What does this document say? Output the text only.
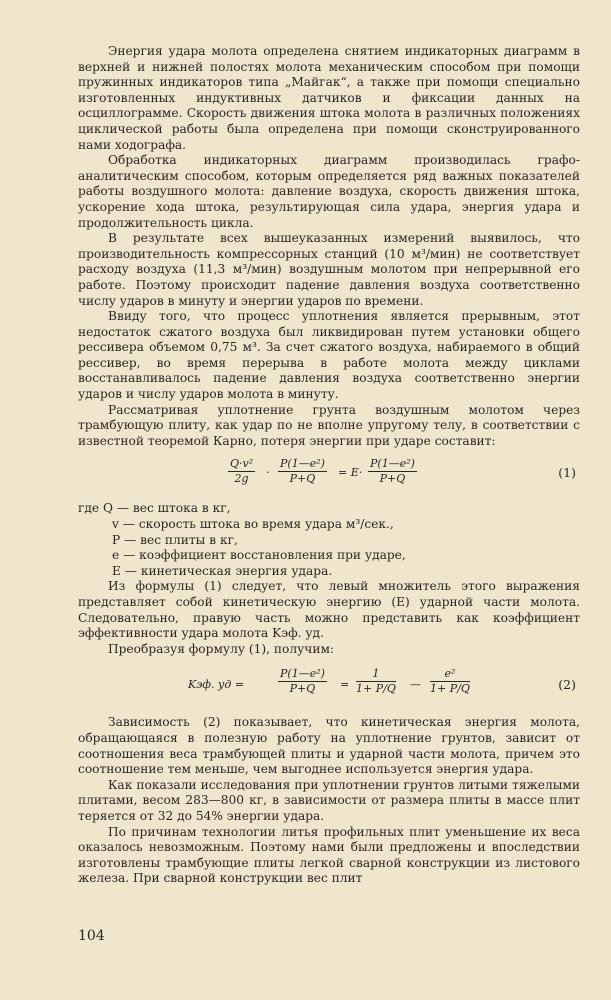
Энергия удара молота определена снятием индикаторных диаграмм в верхней и нижней полостях молота механическим способом при помощи пружинных индикаторов типа „Майгак“, а также при помощи специально изготовленных индуктивных датчиков и фиксации данных на осциллограмме. Скорость движения штока молота в различных положениях циклической работы была определена при помощи сконструированного нами ходографа.

Обработка индикаторных диаграмм производилась графо-аналитическим способом, которым определяется ряд важных показателей работы воздушного молота: давление воздуха, скорость движения штока, ускорение хода штока, результирующая сила удара, энергия удара и продолжительность цикла.

В результате всех вышеуказанных измерений выявилось, что производительность компрессорных станций (10 м³/мин) не соответствует расходу воздуха (11,3 м³/мин) воздушным молотом при непрерывной его работе. Поэтому происходит падение давления воздуха соответственно числу ударов в минуту и энергии ударов по времени.

Ввиду того, что процесс уплотнения является прерывным, этот недостаток сжатого воздуха был ликвидирован путем установки общего рессивера объемом 0,75 м³. За счет сжатого воздуха, набираемого в общий рессивер, во время перерыва в работе молота между циклами восстанавливалось падение давления воздуха соответственно энергии ударов и числу ударов молота в минуту.

Рассматривая уплотнение грунта воздушным молотом через трамбующую плиту, как удар по не вполне упругому телу, в соответствии с известной теоремой Карно, потеря энергии при ударе составит:

$\frac{\text{Q·v²}}{2g} \cdot \frac{\text{P(1—e²)}}{P+Q} = E\cdot \frac{\text{P(1—e²)}}{P+Q}$	(1)
где Q — вес штока в кг,
v — скорость штока во время удара м³/сек.,
P — вес плиты в кг,
e — коэффициент восстановления при ударе,
E — кинетическая энергия удара.

Из формулы (1) следует, что левый множитель этого выражения представляет собой кинетическую энергию (E) ударной части молота. Следовательно, правую часть можно представить как коэффициент эффективности удара молота Kэф. уд.

Преобразуя формулу (1), получим:

Kэф. уд =	$\frac{\text{P(1—e²)}}{P+Q} = \frac{1}{1+ P/Q}$ — $\frac{\text{e²}}{1+ P/Q}$	(2)

Зависимость (2) показывает, что кинетическая энергия молота, обращающаяся в полезную работу на уплотнение грунтов, зависит от соотношения веса трамбующей плиты и ударной части молота, причем это соотношение тем меньше, чем выгоднее используется энергия удара.

Как показали исследования при уплотнении грунтов литыми тяжелыми плитами, весом 283—800 кг, в зависимости от размера плиты в массе плит теряется от 32 до 54% энергии удара.

По причинам технологии литья профильных плит уменьшение их веса оказалось невозможным. Поэтому нами были предложены и впоследствии изготовлены трамбующие плиты легкой сварной конструкции из листового железа. При сварной конструкции вес плит

104
